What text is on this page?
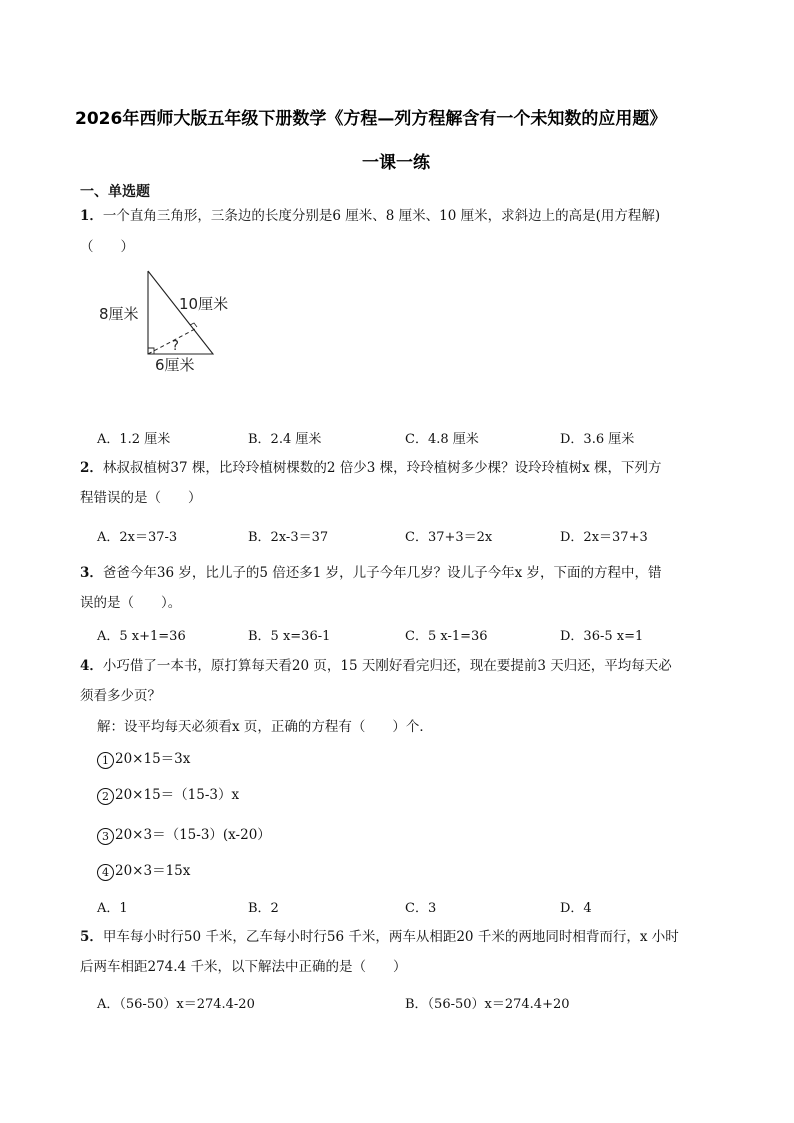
2026年西师大版五年级下册数学《方程—列方程解含有一个未知数的应用题》
一课一练
一、单选题
1．一个直角三角形，三条边的长度分别是6 厘米、8 厘米、10 厘米，求斜边上的高是(用方程解)
（　　）
8厘米
10厘米
6厘米
?
A．1.2 厘米	B．2.4 厘米	C．4.8 厘米	D．3.6 厘米
2．林叔叔植树37 棵，比玲玲植树棵数的2 倍少3 棵，玲玲植树多少棵？设玲玲植树x 棵，下列方
程错误的是（　　）
A．2x＝37-3	B．2x-3＝37	C．37+3＝2x	D．2x＝37+3
3．爸爸今年36 岁，比儿子的5 倍还多1 岁，儿子今年几岁？设儿子今年x 岁，下面的方程中，错
误的是（　　）。
A．5 x+1=36	B．5 x=36-1	C．5 x-1=36	D．36-5 x=1
4．小巧借了一本书，原打算每天看20 页，15 天刚好看完归还，现在要提前3 天归还，平均每天必
须看多少页？
解：设平均每天必须看x 页，正确的方程有（　　）个．
1 20×15＝3x
2 20×15＝（15-3）x
3 20×3＝（15-3）(x-20）
4 20×3＝15x
A．1	B．2	C．3	D．4
5．甲车每小时行50 千米，乙车每小时行56 千米，两车从相距20 千米的两地同时相背而行，x 小时
后两车相距274.4 千米，以下解法中正确的是（　　）
A．（56-50）x＝274.4-20	B．（56-50）x＝274.4+20
